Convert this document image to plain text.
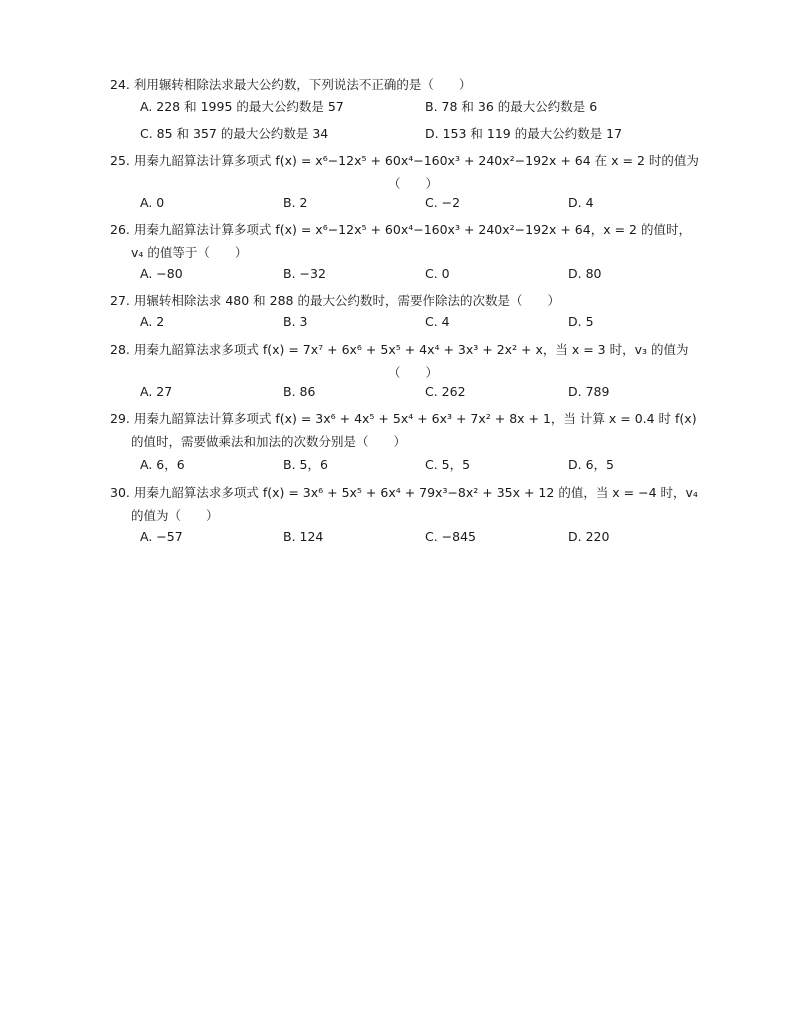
24. 利用辗转相除法求最大公约数，下列说法不正确的是（　　）
A. 228 和 1995 的最大公约数是 57	B. 78 和 36 的最大公约数是 6
C. 85 和 357 的最大公约数是 34	D. 153 和 119 的最大公约数是 17
25. 用秦九韶算法计算多项式 f(x) = x⁶−12x⁵ + 60x⁴−160x³ + 240x²−192x + 64 在 x = 2 时的值为
（　　）
A. 0	B. 2	C. −2	D. 4
26. 用秦九韶算法计算多项式 f(x) = x⁶−12x⁵ + 60x⁴−160x³ + 240x²−192x + 64，x = 2 的值时，
v₄ 的值等于（　　）
A. −80	B. −32	C. 0	D. 80
27. 用辗转相除法求 480 和 288 的最大公约数时，需要作除法的次数是（　　）
A. 2	B. 3	C. 4	D. 5
28. 用秦九韶算法求多项式 f(x) = 7x⁷ + 6x⁶ + 5x⁵ + 4x⁴ + 3x³ + 2x² + x，当 x = 3 时，v₃ 的值为
（　　）
A. 27	B. 86	C. 262	D. 789
29. 用秦九韶算法计算多项式 f(x) = 3x⁶ + 4x⁵ + 5x⁴ + 6x³ + 7x² + 8x + 1，当 计算 x = 0.4 时 f(x)
的值时，需要做乘法和加法的次数分别是（　　）
A. 6，6	B. 5，6	C. 5，5	D. 6，5
30. 用秦九韶算法求多项式 f(x) = 3x⁶ + 5x⁵ + 6x⁴ + 79x³−8x² + 35x + 12 的值，当 x = −4 时，v₄
的值为（　　）
A. −57	B. 124	C. −845	D. 220
